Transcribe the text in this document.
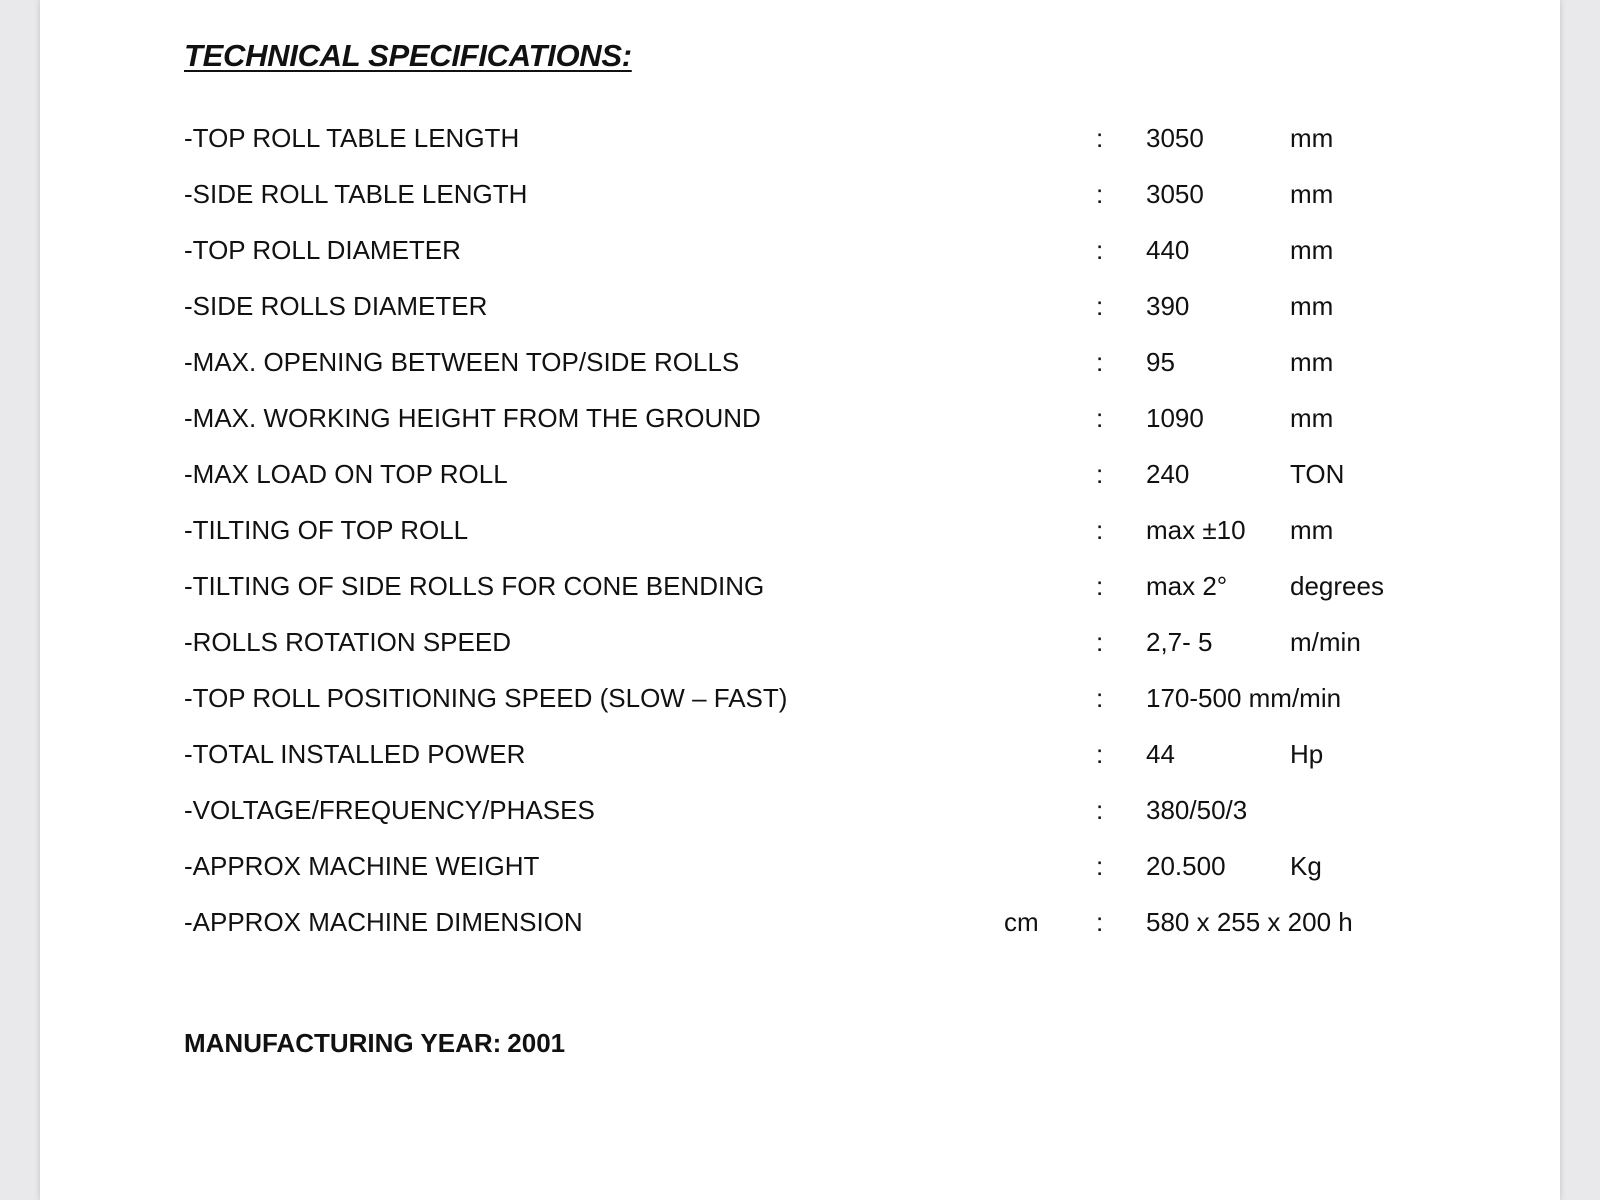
TECHNICAL SPECIFICATIONS:
-TOP ROLL TABLE LENGTH	: 3050	mm
-SIDE ROLL TABLE LENGTH	: 3050	mm
-TOP ROLL DIAMETER	: 440	mm
-SIDE ROLLS DIAMETER	: 390	mm
-MAX. OPENING BETWEEN TOP/SIDE ROLLS	: 95	mm
-MAX. WORKING HEIGHT FROM THE GROUND	: 1090	mm
-MAX LOAD ON TOP ROLL	: 240	TON
-TILTING OF TOP ROLL	: max ±10 mm
-TILTING OF SIDE ROLLS FOR CONE BENDING	: max 2° degrees
-ROLLS ROTATION SPEED	: 2,7- 5	m/min
-TOP ROLL POSITIONING SPEED (SLOW – FAST)	: 170-500 mm/min
-TOTAL INSTALLED POWER	: 44	Hp
-VOLTAGE/FREQUENCY/PHASES	: 380/50/3
-APPROX MACHINE WEIGHT	: 20.500 Kg
-APPROX MACHINE DIMENSION	cm : 580 x 255 x 200 h
MANUFACTURING YEAR: 2001
